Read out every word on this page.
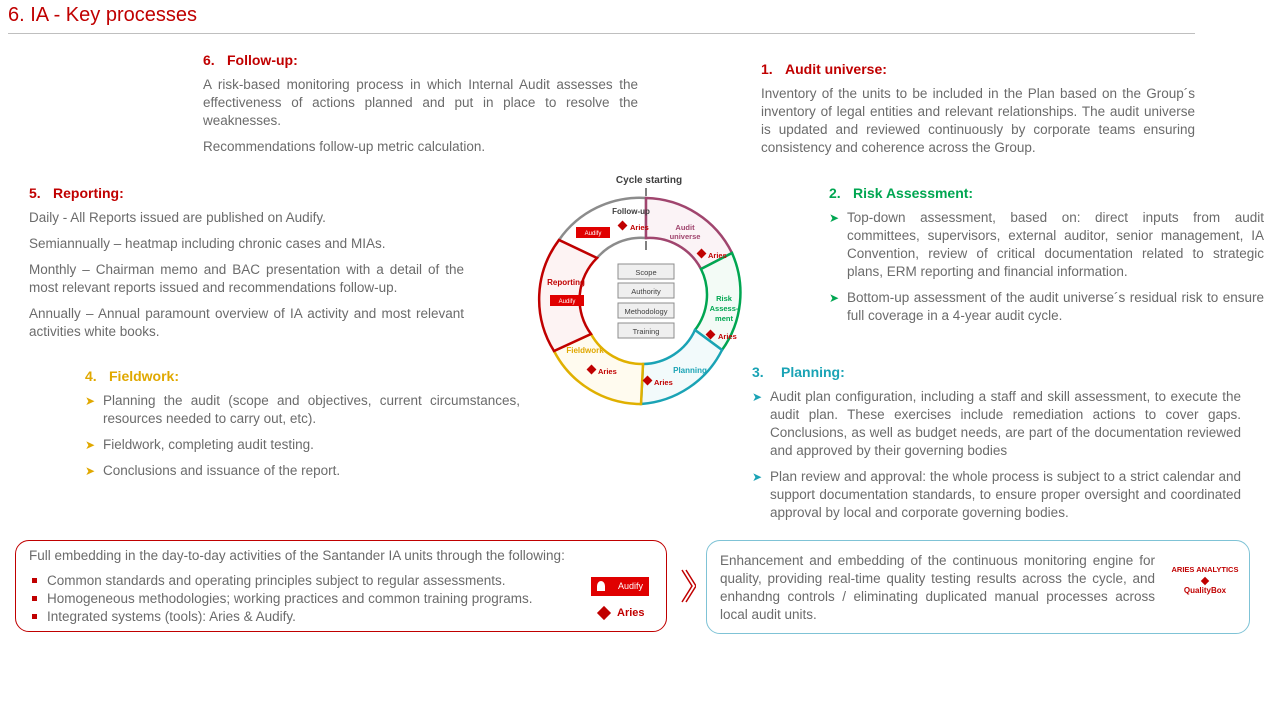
6. IA - Key processes
6. Follow-up:

A risk-based monitoring process in which Internal Audit assesses the effectiveness of actions planned and put in place to resolve the weaknesses.

Recommendations follow-up metric calculation.

1. Audit universe:

Inventory of the units to be included in the Plan based on the Group´s inventory of legal entities and relevant relationships. The audit universe is updated and reviewed continuously by corporate teams ensuring consistency and coherence across the Group.

5. Reporting:

Daily - All Reports issued are published on Audify.

Semiannually – heatmap including chronic cases and MIAs.

Monthly – Chairman memo and BAC presentation with a detail of the most relevant reports issued and recommendations follow-up.

Annually – Annual paramount overview of IA activity and most relevant activities white books.

2. Risk Assessment:
➤ Top-down assessment, based on: direct inputs from audit committees, supervisors, external auditor, senior management, IA Convention, review of critical documentation related to strategic plans, ERM reporting and financial information.
➤ Bottom-up assessment of the audit universe´s residual risk to ensure full coverage in a 4-year audit cycle.
4. Fieldwork:
➤ Planning the audit (scope and objectives, current circumstances, resources needed to carry out, etc).
➤ Fieldwork, completing audit testing.
➤ Conclusions and issuance of the report.
3. Planning:
➤ Audit plan configuration, including a staff and skill assessment, to execute the audit plan. These exercises include remediation actions to cover gaps. Conclusions, as well as budget needs, are part of the documentation reviewed and approved by their governing bodies
➤ Plan review and approval: the whole process is subject to a strict calendar and support documentation standards, to ensure proper oversight and coordinated approval by local and corporate governing bodies.
Cycle starting
Follow-up
Audit
universe
Risk
Assess-
ment
Planning
Fieldwork
Reporting
Aries
Aries
Aries
Aries
Aries
Audify
Audify
Scope
Authority
Methodology
Training
Full embedding in the day-to-day activities of the Santander IA units through the following:
Common standards and operating principles subject to regular assessments.
Homogeneous methodologies; working practices and common training programs.
Integrated systems (tools): Aries & Audify.
Audify
Aries
Enhancement and embedding of the continuous monitoring engine for quality, providing real-time quality testing results across the cycle, and enhandng controls / eliminating duplicated manual processes across local audit units.
ARIES ANALYTICS
QualityBox
